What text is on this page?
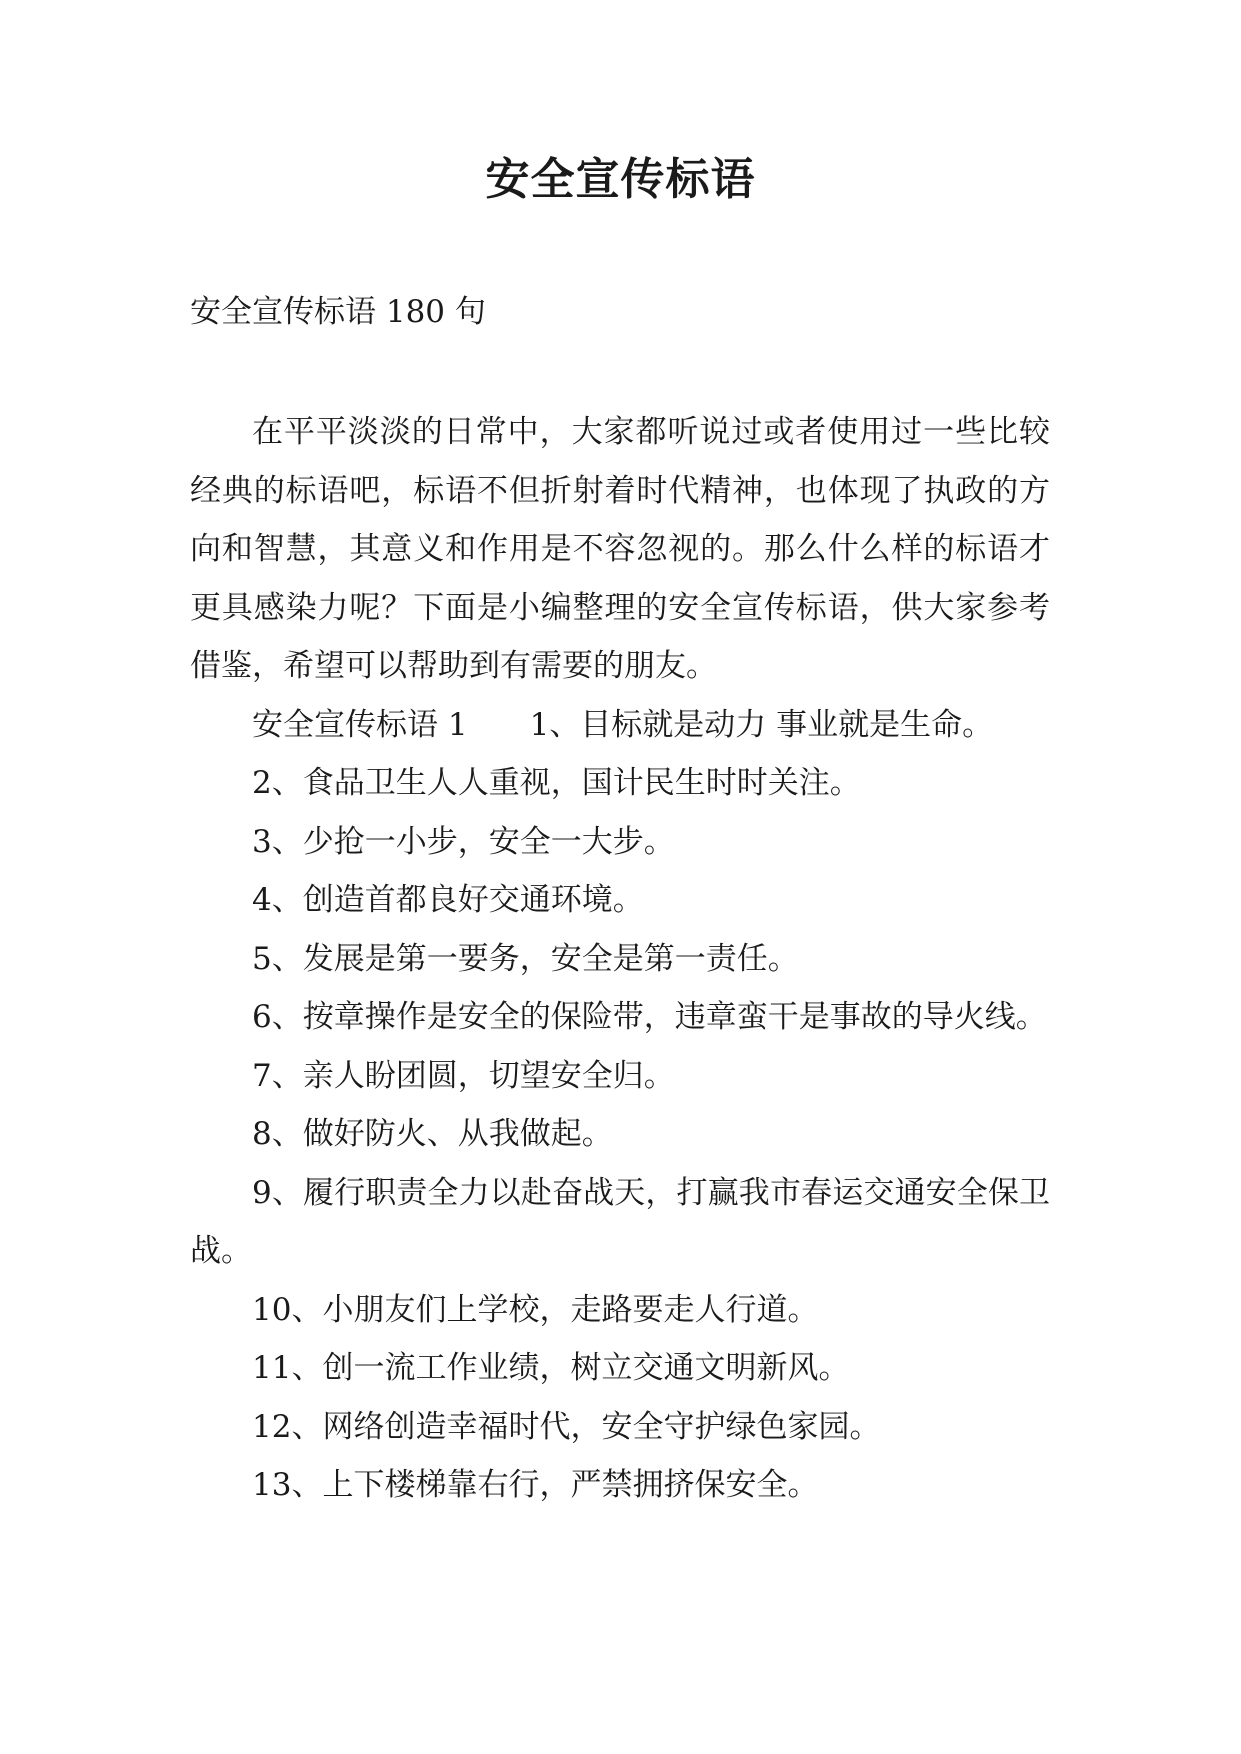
安全宣传标语

安全宣传标语 180 句

在平平淡淡的日常中，大家都听说过或者使用过一些比较经典的标语吧，标语不但折射着时代精神，也体现了执政的方向和智慧，其意义和作用是不容忽视的。那么什么样的标语才更具感染力呢？下面是小编整理的安全宣传标语，供大家参考借鉴，希望可以帮助到有需要的朋友。

安全宣传标语 1　　1、目标就是动力 事业就是生命。

2、食品卫生人人重视，国计民生时时关注。

3、少抢一小步，安全一大步。

4、创造首都良好交通环境。

5、发展是第一要务，安全是第一责任。

6、按章操作是安全的保险带，违章蛮干是事故的导火线。

7、亲人盼团圆，切望安全归。

8、做好防火、从我做起。

9、履行职责全力以赴奋战天，打赢我市春运交通安全保卫战。

10、小朋友们上学校，走路要走人行道。

11、创一流工作业绩，树立交通文明新风。

12、网络创造幸福时代，安全守护绿色家园。

13、上下楼梯靠右行，严禁拥挤保安全。
